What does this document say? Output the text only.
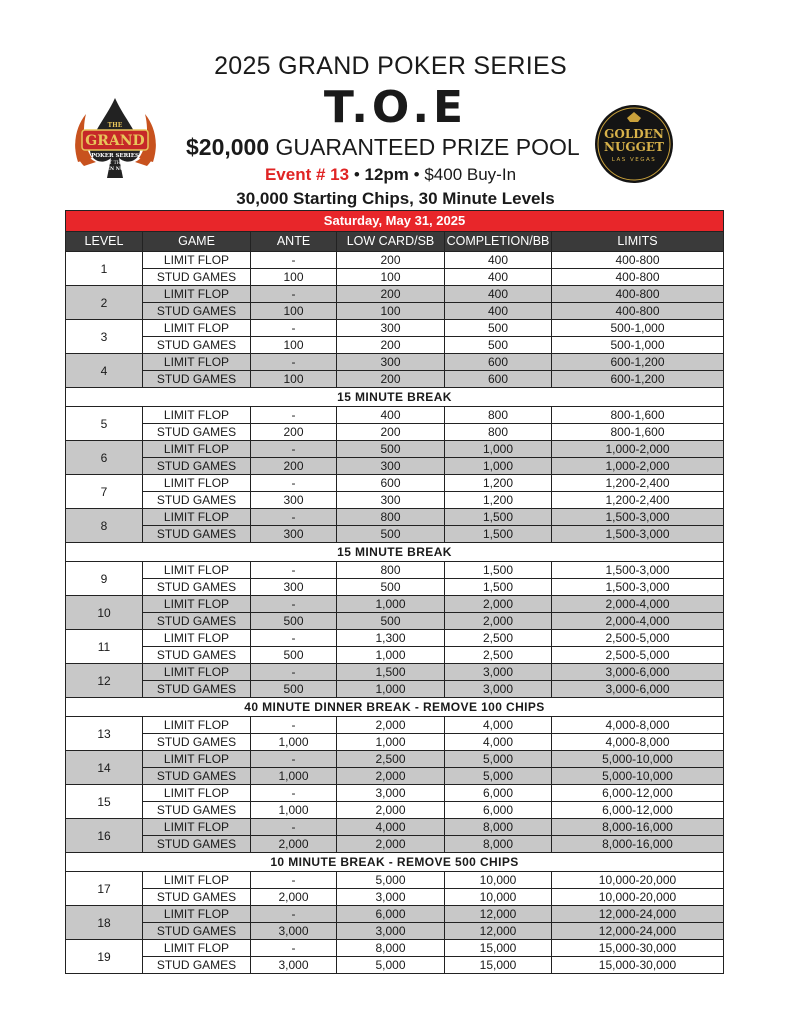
2025 GRAND POKER SERIES
T.O.E
THE
GRAND
POKER SERIES
AT THE
GOLDEN NUGGET
GOLDEN
NUGGET
LAS VEGAS
$20,000 GUARANTEED PRIZE POOL
Event # 13 • 12pm • $400 Buy-In
30,000 Starting Chips, 30 Minute Levels
Saturday, May 31, 2025					
LEVEL	GAME	ANTE	LOW CARD/SB	COMPLETION/BB	LIMITS
1	LIMIT FLOP	-	200	400	400-800
	STUD GAMES	100	100	400	400-800
2	LIMIT FLOP	-	200	400	400-800
	STUD GAMES	100	100	400	400-800
3	LIMIT FLOP	-	300	500	500-1,000
	STUD GAMES	100	200	500	500-1,000
4	LIMIT FLOP	-	300	600	600-1,200
	STUD GAMES	100	200	600	600-1,200
15 MINUTE BREAK					
5	LIMIT FLOP	-	400	800	800-1,600
	STUD GAMES	200	200	800	800-1,600
6	LIMIT FLOP	-	500	1,000	1,000-2,000
	STUD GAMES	200	300	1,000	1,000-2,000
7	LIMIT FLOP	-	600	1,200	1,200-2,400
	STUD GAMES	300	300	1,200	1,200-2,400
8	LIMIT FLOP	-	800	1,500	1,500-3,000
	STUD GAMES	300	500	1,500	1,500-3,000
15 MINUTE BREAK					
9	LIMIT FLOP	-	800	1,500	1,500-3,000
	STUD GAMES	300	500	1,500	1,500-3,000
10	LIMIT FLOP	-	1,000	2,000	2,000-4,000
	STUD GAMES	500	500	2,000	2,000-4,000
11	LIMIT FLOP	-	1,300	2,500	2,500-5,000
	STUD GAMES	500	1,000	2,500	2,500-5,000
12	LIMIT FLOP	-	1,500	3,000	3,000-6,000
	STUD GAMES	500	1,000	3,000	3,000-6,000
40 MINUTE DINNER BREAK - REMOVE 100 CHIPS					
13	LIMIT FLOP	-	2,000	4,000	4,000-8,000
	STUD GAMES	1,000	1,000	4,000	4,000-8,000
14	LIMIT FLOP	-	2,500	5,000	5,000-10,000
	STUD GAMES	1,000	2,000	5,000	5,000-10,000
15	LIMIT FLOP	-	3,000	6,000	6,000-12,000
	STUD GAMES	1,000	2,000	6,000	6,000-12,000
16	LIMIT FLOP	-	4,000	8,000	8,000-16,000
	STUD GAMES	2,000	2,000	8,000	8,000-16,000
10 MINUTE BREAK - REMOVE 500 CHIPS					
17	LIMIT FLOP	-	5,000	10,000	10,000-20,000
	STUD GAMES	2,000	3,000	10,000	10,000-20,000
18	LIMIT FLOP	-	6,000	12,000	12,000-24,000
	STUD GAMES	3,000	3,000	12,000	12,000-24,000
19	LIMIT FLOP	-	8,000	15,000	15,000-30,000
	STUD GAMES	3,000	5,000	15,000	15,000-30,000
